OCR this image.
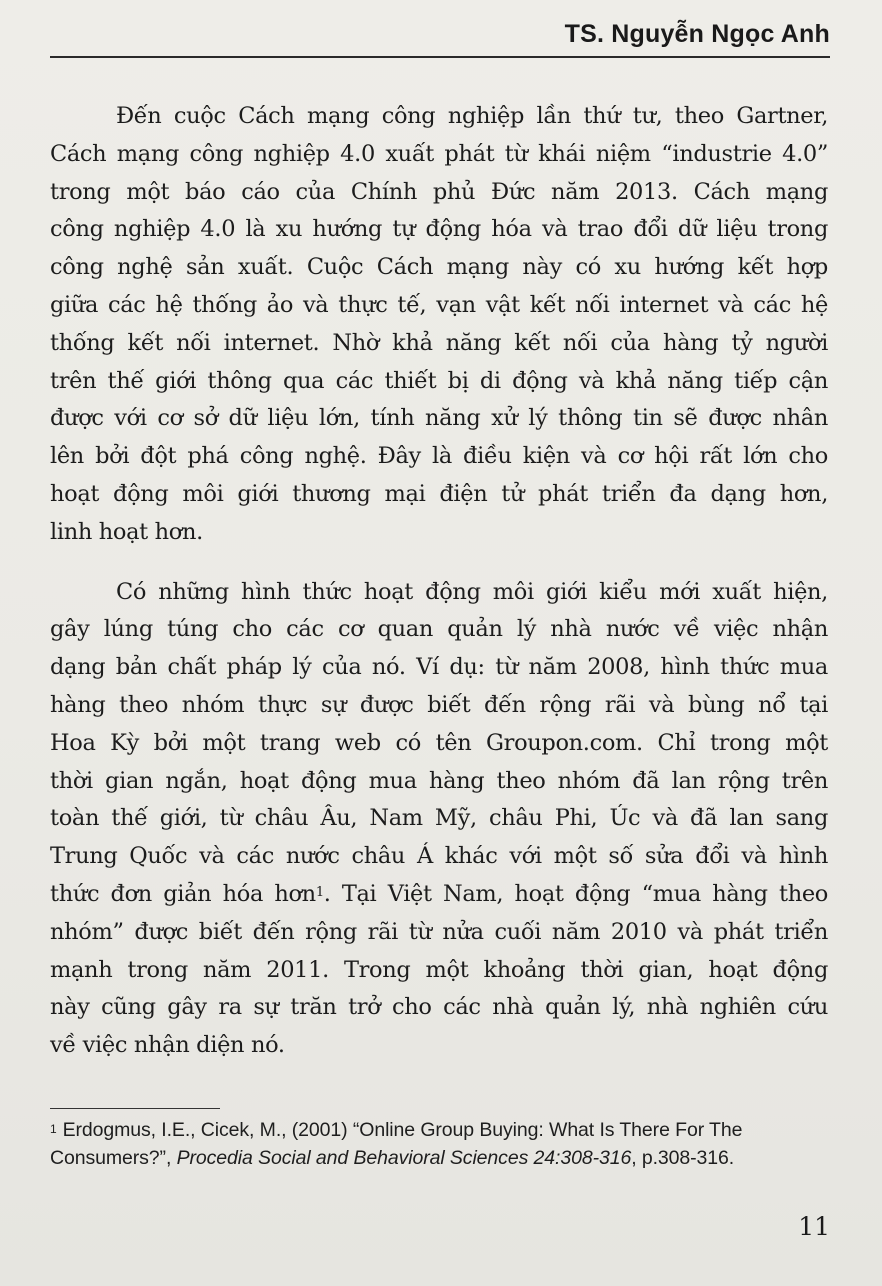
TS. Nguyễn Ngọc Anh

Đến cuộc Cách mạng công nghiệp lần thứ tư, theo Gartner,
Cách mạng công nghiệp 4.0 xuất phát từ khái niệm “industrie 4.0”
trong một báo cáo của Chính phủ Đức năm 2013. Cách mạng
công nghiệp 4.0 là xu hướng tự động hóa và trao đổi dữ liệu trong
công nghệ sản xuất. Cuộc Cách mạng này có xu hướng kết hợp
giữa các hệ thống ảo và thực tế, vạn vật kết nối internet và các hệ
thống kết nối internet. Nhờ khả năng kết nối của hàng tỷ người
trên thế giới thông qua các thiết bị di động và khả năng tiếp cận
được với cơ sở dữ liệu lớn, tính năng xử lý thông tin sẽ được nhân
lên bởi đột phá công nghệ. Đây là điều kiện và cơ hội rất lớn cho
hoạt động môi giới thương mại điện tử phát triển đa dạng hơn,
linh hoạt hơn.

Có những hình thức hoạt động môi giới kiểu mới xuất hiện,
gây lúng túng cho các cơ quan quản lý nhà nước về việc nhận
dạng bản chất pháp lý của nó. Ví dụ: từ năm 2008, hình thức mua
hàng theo nhóm thực sự được biết đến rộng rãi và bùng nổ tại
Hoa Kỳ bởi một trang web có tên Groupon.com. Chỉ trong một
thời gian ngắn, hoạt động mua hàng theo nhóm đã lan rộng trên
toàn thế giới, từ châu Âu, Nam Mỹ, châu Phi, Úc và đã lan sang
Trung Quốc và các nước châu Á khác với một số sửa đổi và hình
thức đơn giản hóa hơn$^1$. Tại Việt Nam, hoạt động “mua hàng theo
nhóm” được biết đến rộng rãi từ nửa cuối năm 2010 và phát triển
mạnh trong năm 2011. Trong một khoảng thời gian, hoạt động
này cũng gây ra sự trăn trở cho các nhà quản lý, nhà nghiên cứu
về việc nhận diện nó.

$^1$ Erdogmus, I.E., Cicek, M., (2001) “Online Group Buying: What Is There For The
Consumers?”, Procedia Social and Behavioral Sciences 24:308-316, p.308-316.
11
